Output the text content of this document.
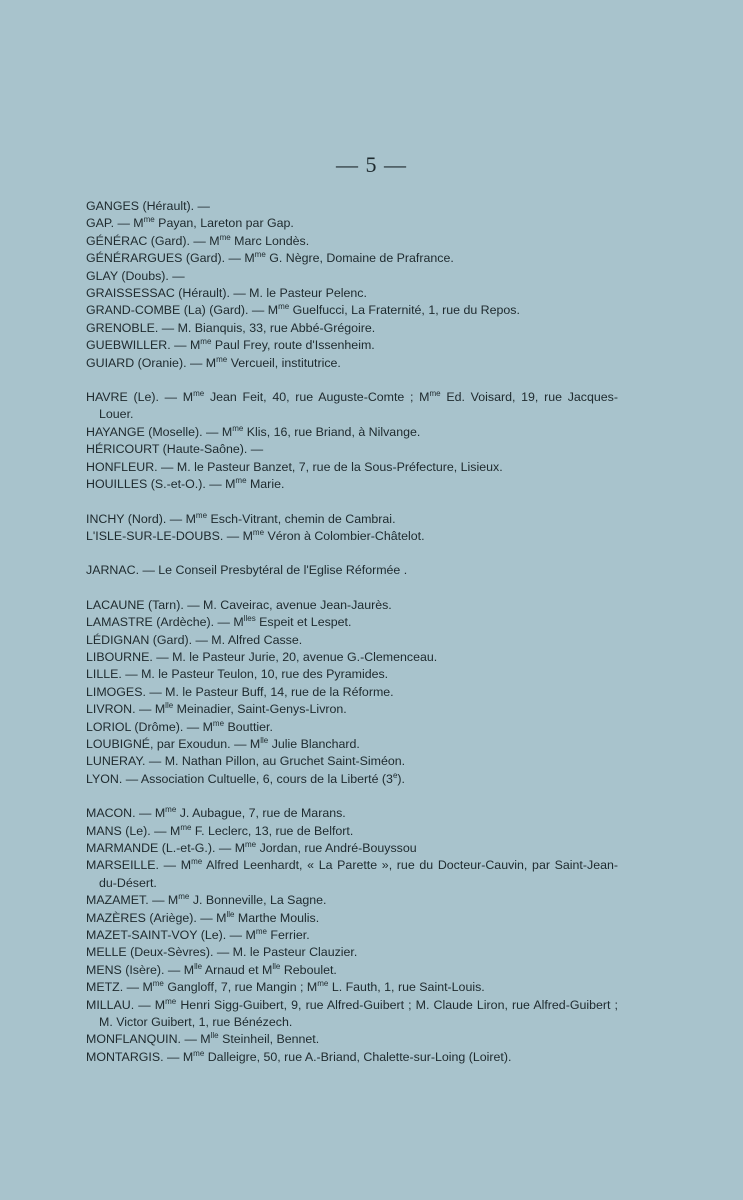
— 5 —
GANGES (Hérault). —
GAP. — $M^{me}$ Payan, Lareton par Gap.
GÉNÉRAC (Gard). — $M^{me}$ Marc Londès.
GÉNÉRARGUES (Gard). — $M^{me}$ G. Nègre, Domaine de Prafrance.
GLAY (Doubs). —
GRAISSESSAC (Hérault). — M. le Pasteur Pelenc.
GRAND-COMBE (La) (Gard). — $M^{me}$ Guelfucci, La Fraternité, 1, rue du Repos.
GRENOBLE. — M. Bianquis, 33, rue Abbé-Grégoire.
GUEBWILLER. — $M^{me}$ Paul Frey, route d'Issenheim.
GUIARD (Oranie). — $M^{me}$ Vercueil, institutrice.
HAVRE (Le). — $M^{me}$ Jean Feit, 40, rue Auguste-Comte ; $M^{me}$ Ed. Voisard, 19, rue Jacques-Louer.
HAYANGE (Moselle). — $M^{me}$ Klis, 16, rue Briand, à Nilvange.
HÉRICOURT (Haute-Saône). —
HONFLEUR. — M. le Pasteur Banzet, 7, rue de la Sous-Préfecture, Lisieux.
HOUILLES (S.-et-O.). — $M^{me}$ Marie.
INCHY (Nord). — $M^{me}$ Esch-Vitrant, chemin de Cambrai.
L'ISLE-SUR-LE-DOUBS. — $M^{me}$ Véron à Colombier-Châtelot.
JARNAC. — Le Conseil Presbytéral de l'Eglise Réformée .
LACAUNE (Tarn). — M. Caveirac, avenue Jean-Jaurès.
LAMASTRE (Ardèche). — $M^{lles}$ Espeit et Lespet.
LÉDIGNAN (Gard). — M. Alfred Casse.
LIBOURNE. — M. le Pasteur Jurie, 20, avenue G.-Clemenceau.
LILLE. — M. le Pasteur Teulon, 10, rue des Pyramides.
LIMOGES. — M. le Pasteur Buff, 14, rue de la Réforme.
LIVRON. — $M^{lle}$ Meinadier, Saint-Genys-Livron.
LORIOL (Drôme). — $M^{me}$ Bouttier.
LOUBIGNÉ, par Exoudun. — $M^{lle}$ Julie Blanchard.
LUNERAY. — M. Nathan Pillon, au Gruchet Saint-Siméon.
LYON. — Association Cultuelle, 6, cours de la Liberté (3e).
MACON. — $M^{me}$ J. Aubague, 7, rue de Marans.
MANS (Le). — $M^{me}$ F. Leclerc, 13, rue de Belfort.
MARMANDE (L.-et-G.). — $M^{me}$ Jordan, rue André-Bouyssou
MARSEILLE. — $M^{me}$ Alfred Leenhardt, « La Parette », rue du Docteur-Cauvin, par Saint-Jean-du-Désert.
MAZAMET. — $M^{me}$ J. Bonneville, La Sagne.
MAZÈRES (Ariège). — $M^{lle}$ Marthe Moulis.
MAZET-SAINT-VOY (Le). — $M^{me}$ Ferrier.
MELLE (Deux-Sèvres). — M. le Pasteur Clauzier.
MENS (Isère). — $M^{lle}$ Arnaud et $M^{lle}$ Reboulet.
METZ. — $M^{me}$ Gangloff, 7, rue Mangin ; $M^{me}$ L. Fauth, 1, rue Saint-Louis.
MILLAU. — $M^{me}$ Henri Sigg-Guibert, 9, rue Alfred-Guibert ; M. Claude Liron, rue Alfred-Guibert ; M. Victor Guibert, 1, rue Bénézech.
MONFLANQUIN. — $M^{lle}$ Steinheil, Bennet.
MONTARGIS. — $M^{me}$ Dalleigre, 50, rue A.-Briand, Chalette-sur-Loing (Loiret).
